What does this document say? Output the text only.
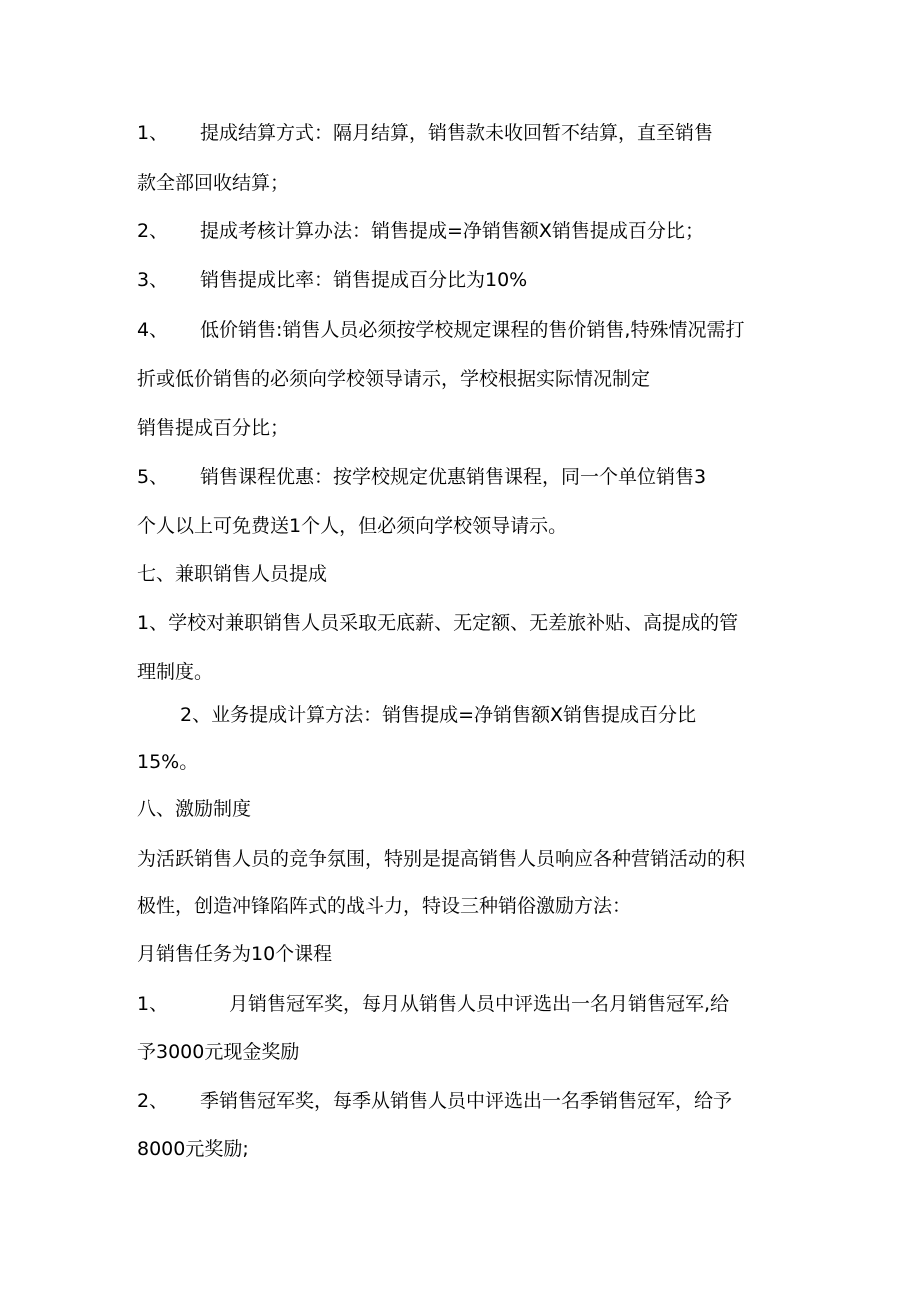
1、 提成结算方式：隔月结算，销售款未收回暂不结算，直至销售
款全部回收结算；
2、 提成考核计算办法：销售提成=净销售额X销售提成百分比；
3、 销售提成比率：销售提成百分比为10%
4、 低价销售:销售人员必须按学校规定课程的售价销售,特殊情况需打
折或低价销售的必须向学校领导请示，学校根据实际情况制定
销售提成百分比；
5、 销售课程优惠：按学校规定优惠销售课程，同一个单位销售3
个人以上可免费送1个人，但必须向学校领导请示。
七、兼职销售人员提成
1、学校对兼职销售人员采取无底薪、无定额、无差旅补贴、高提成的管
理制度。
2、业务提成计算方法：销售提成=净销售额X销售提成百分比
15%。
八、激励制度
为活跃销售人员的竞争氛围，特别是提高销售人员响应各种营销活动的积
极性，创造冲锋陷阵式的战斗力，特设三种销俗激励方法：
月销售任务为10个课程
1、	月销售冠军奖，每月从销售人员中评选出一名月销售冠军,给
予3000元现金奖励
2、 季销售冠军奖，每季从销售人员中评选出一名季销售冠军，给予
8000元奖励;
